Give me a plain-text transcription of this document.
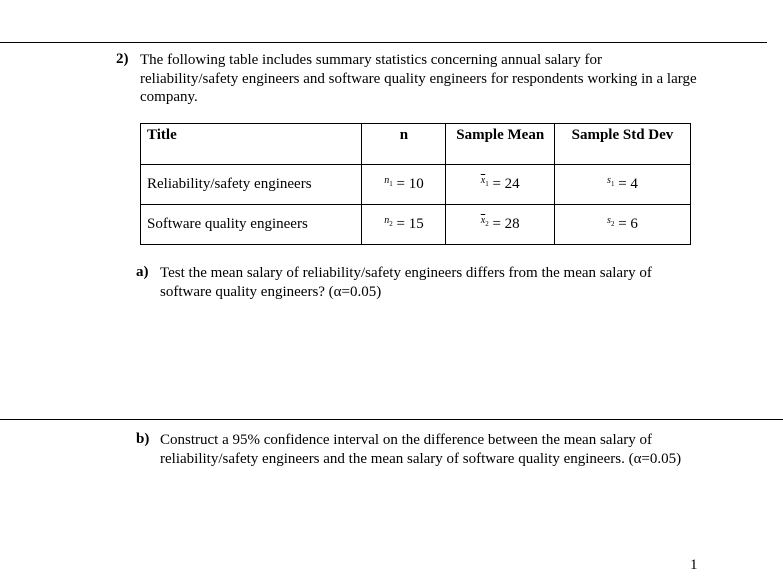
2) The following table includes summary statistics concerning annual salary for reliability/safety engineers and software quality engineers for respondents working in a large company.
Title	n	Sample Mean	Sample Std Dev
Reliability/safety engineers	$^{n_1}$ = 10	$^{\overline{x}_1}$ = 24	$^{s_1}$ = 4
Software quality engineers	$^{n_2}$ = 15	$^{\overline{x}_2}$ = 28	$^{s_2}$ = 6
a) Test the mean salary of reliability/safety engineers differs from the mean salary of software quality engineers? (α=0.05)
b) Construct a 95% confidence interval on the difference between the mean salary of reliability/safety engineers and the mean salary of software quality engineers. (α=0.05)
1
